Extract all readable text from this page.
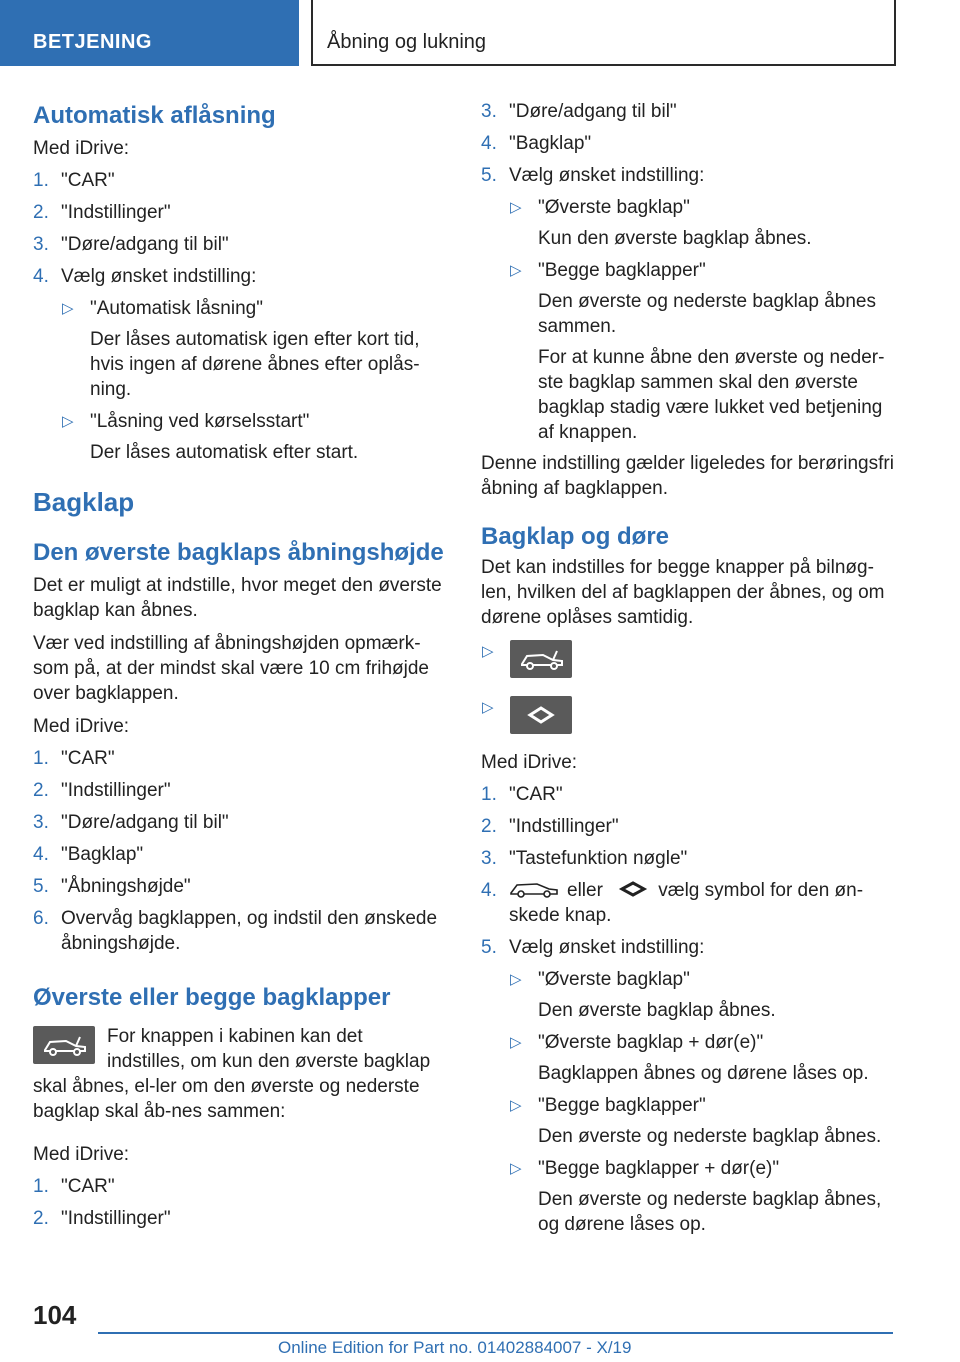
BETJENING	Åbning og lukning
Automatisk aflåsning

Med iDrive:

1. "CAR"
2. "Indstillinger"
3. "Døre/adgang til bil"
4. Vælg ønsket indstilling:
▷ "Automatisk låsning"
Der låses automatisk igen efter kort tid, hvis ingen af dørene åbnes efter oplås-ning.
▷ "Låsning ved kørselsstart"
Der låses automatisk efter start.
Bagklap
Den øverste bagklaps åbningshøjde

Det er muligt at indstille, hvor meget den øverste bagklap kan åbnes.

Vær ved indstilling af åbningshøjden opmærk-som på, at der mindst skal være 10 cm frihøjde over bagklappen.

Med iDrive:

1. "CAR"
2. "Indstillinger"
3. "Døre/adgang til bil"
4. "Bagklap"
5. "Åbningshøjde"
6. Overvåg bagklappen, og indstil den ønskede åbningshøjde.
Øverste eller begge bagklapper

For knappen i kabinen kan det indstilles, om kun den øverste bagklap skal åbnes, el-ler om den øverste og nederste bagklap skal åb-nes sammen:

Med iDrive:

1. "CAR"
2. "Indstillinger"
3. "Døre/adgang til bil"
4. "Bagklap"
5. Vælg ønsket indstilling:
▷ "Øverste bagklap"
Kun den øverste bagklap åbnes.
▷ "Begge bagklapper"
Den øverste og nederste bagklap åbnes sammen.
For at kunne åbne den øverste og neder-ste bagklap sammen skal den øverste bagklap stadig være lukket ved betjening af knappen.

Denne indstilling gælder ligeledes for berøringsfri åbning af bagklappen.

Bagklap og døre

Det kan indstilles for begge knapper på bilnøg-len, hvilken del af bagklappen der åbnes, og om dørene oplåses samtidig.

▷
▷

Med iDrive:

1. "CAR"
2. "Indstillinger"
3. "Tastefunktion nøgle"
4.	eller	vælg symbol for den øn-skede knap.
5. Vælg ønsket indstilling:
▷ "Øverste bagklap"
Den øverste bagklap åbnes.
▷ "Øverste bagklap + dør(e)"
Bagklappen åbnes og dørene låses op.
▷ "Begge bagklapper"
Den øverste og nederste bagklap åbnes.
▷ "Begge bagklapper + dør(e)"
Den øverste og nederste bagklap åbnes, og dørene låses op.
104
Online Edition for Part no. 01402884007 - X/19
